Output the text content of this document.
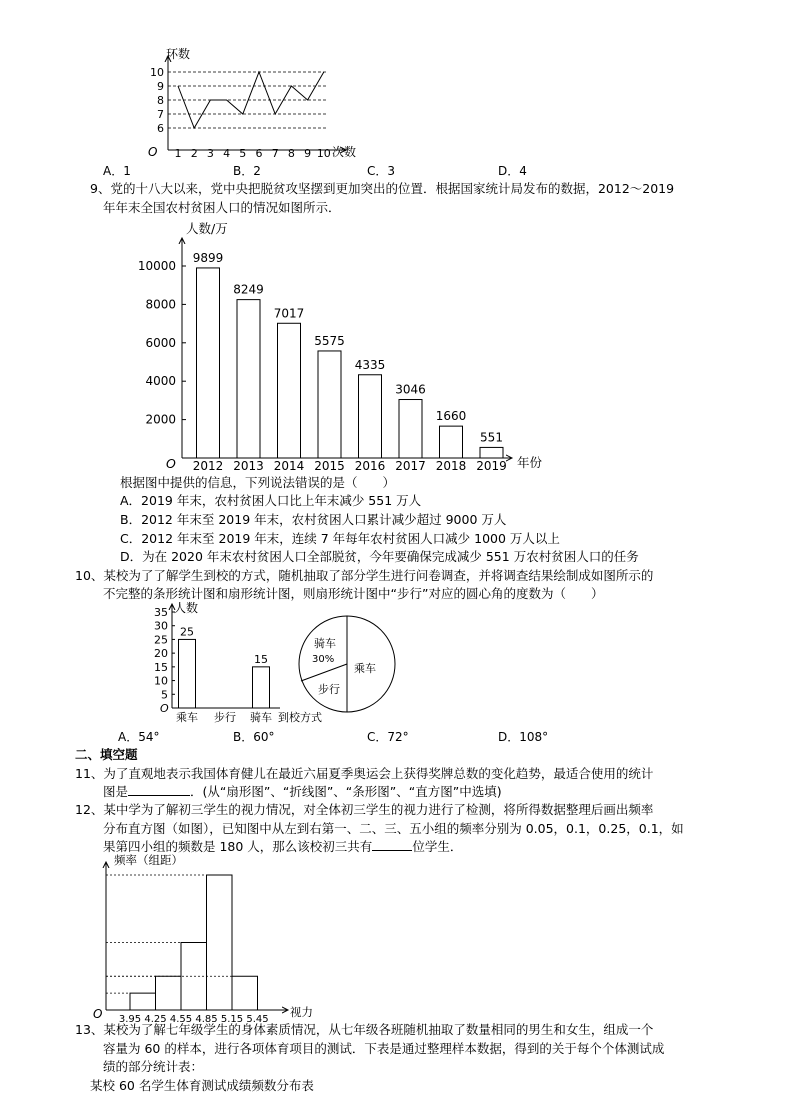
环数
次数
O
6
7
8
9
10
1 2 3 4 5 6 7 8 9 10
A．1	B．2	C．3	D．4
9、党的十八大以来，党中央把脱贫攻坚摆到更加突出的位置．根据国家统计局发布的数据，2012～2019
年年末全国农村贫困人口的情况如图所示．
人数/万
年份
O
2000
4000
6000
8000
10000
9899
2012
8249
2013
7017
2014
5575
2015
4335
2016
3046
2017
1660
2018
551
2019
根据图中提供的信息，下列说法错误的是（　　）
A．2019 年末，农村贫困人口比上年末减少 551 万人
B．2012 年末至 2019 年末，农村贫困人口累计减少超过 9000 万人
C．2012 年末至 2019 年末，连续 7 年每年农村贫困人口减少 1000 万人以上
D．为在 2020 年末农村贫困人口全部脱贫，今年要确保完成减少 551 万农村贫困人口的任务
10、某校为了了解学生到校的方式，随机抽取了部分学生进行问卷调查，并将调查结果绘制成如图所示的
不完整的条形统计图和扇形统计图，则扇形统计图中“步行”对应的圆心角的度数为（　　）
人数
O
到校方式
5
10
15
20
25
30
35
乘车
25
步行 骑车
15
骑车
30%
乘车
步行
A．54°	B．60°	C．72°	D．108°
二、填空题
11、为了直观地表示我国体育健儿在最近六届夏季奥运会上获得奖牌总数的变化趋势，最适合使用的统计
图是	．(从“扇形图”、“折线图”、“条形图”、“直方图”中选填)
12、某中学为了解初三学生的视力情况，对全体初三学生的视力进行了检测，将所得数据整理后画出频率
分布直方图（如图），已知图中从左到右第一、二、三、五小组的频率分别为 0.05，0.1，0.25，0.1，如
果第四小组的频数是 180 人，那么该校初三共有	位学生．
频率（组距）
视力
O 3.95 4.25 4.55 4.85 5.15 5.45
13、某校为了解七年级学生的身体素质情况，从七年级各班随机抽取了数量相同的男生和女生，组成一个
容量为 60 的样本，进行各项体育项目的测试．下表是通过整理样本数据，得到的关于每个个体测试成
绩的部分统计表：
某校 60 名学生体育测试成绩频数分布表
